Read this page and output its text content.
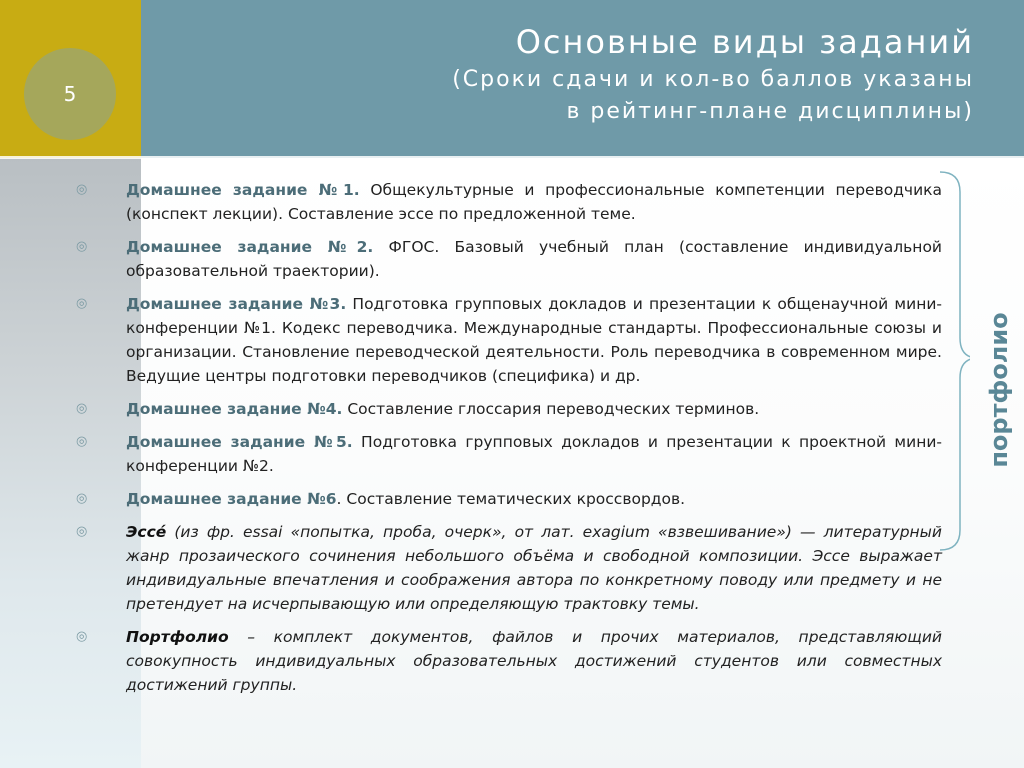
5
Основные виды заданий
(Сроки сдачи и кол-во баллов указаны
в рейтинг-плане дисциплины)
◎ Домашнее задание №1. Общекультурные и профессиональные компетенции переводчика (конспект лекции). Составление эссе по предложенной теме.
◎ Домашнее задание №2. ФГОС. Базовый учебный план (составление индивидуальной образовательной траектории).
◎ Домашнее задание №3. Подготовка групповых докладов и презентации к общенаучной мини-конференции №1. Кодекс переводчика. Международные стандарты. Профессиональные союзы и организации. Становление переводческой деятельности. Роль переводчика в современном мире. Ведущие центры подготовки переводчиков (специфика) и др.
◎ Домашнее задание №4. Составление глоссария переводческих терминов.
◎ Домашнее задание №5. Подготовка групповых докладов и презентации к проектной мини-конференции №2.
◎ Домашнее задание №6. Составление тематических кроссвордов.
◎ Эссе́ (из фр. essai «попытка, проба, очерк», от лат. exagium «взвешивание») — литературный жанр прозаического сочинения небольшого объёма и свободной композиции. Эссе выражает индивидуальные впечатления и соображения автора по конкретному поводу или предмету и не претендует на исчерпывающую или определяющую трактовку темы.
◎ Портфолио – комплект документов, файлов и прочих материалов, представляющий совокупность индивидуальных образовательных достижений студентов или совместных достижений группы.
портфолио
